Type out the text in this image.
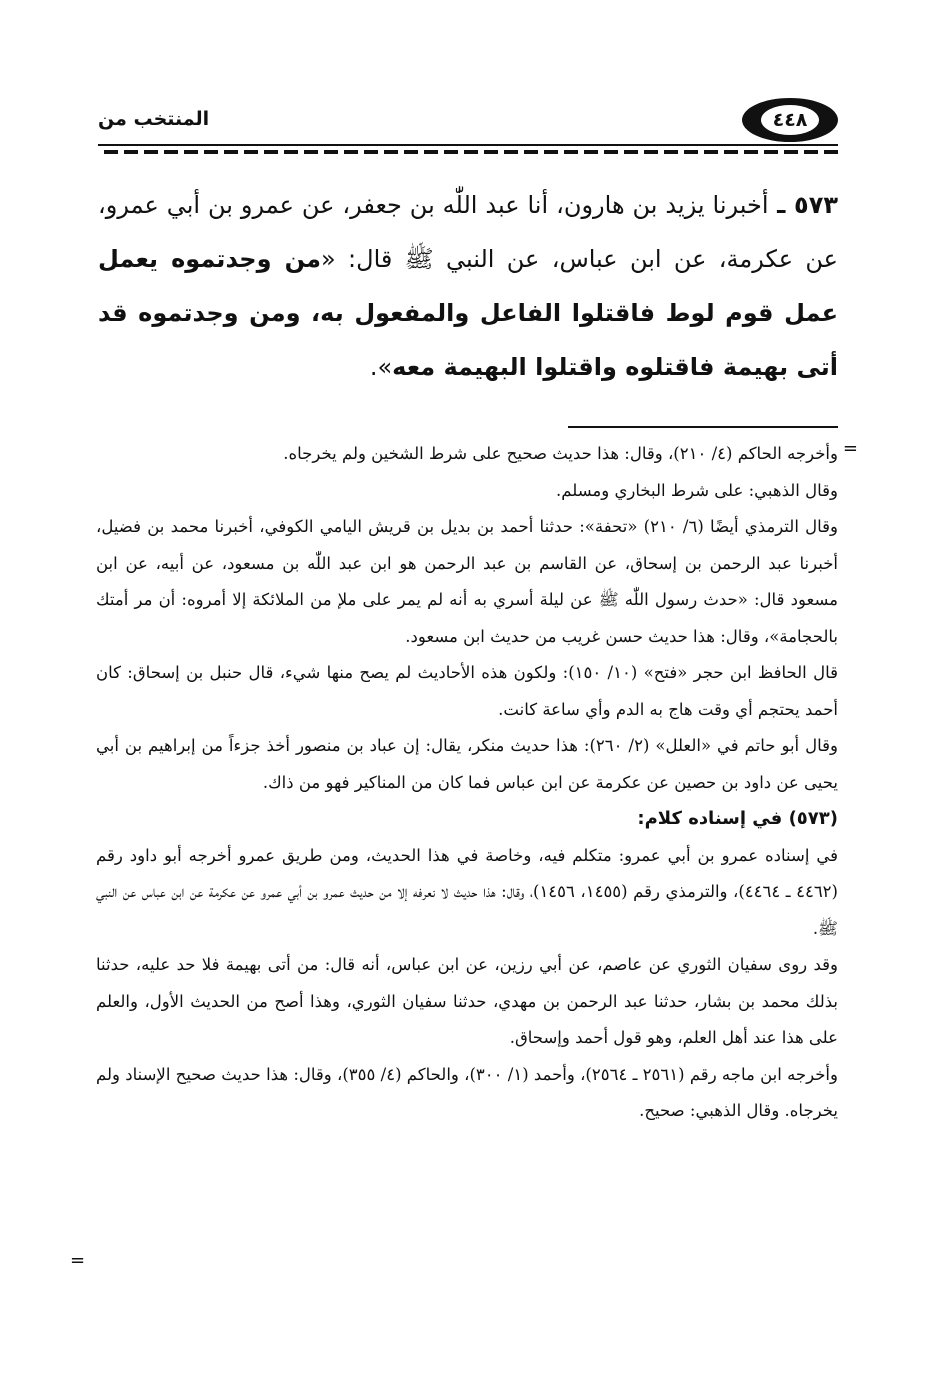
٤٤٨
المنتخب من
٥٧٣ ـ أخبرنا يزيد بن هارون، أنا عبد اللّٰه بن جعفر، عن عمرو بن أبي عمرو، عن عكرمة، عن ابن عباس، عن النبي ﷺ قال: «من وجدتموه يعمل عمل قوم لوط فاقتلوا الفاعل والمفعول به، ومن وجدتموه قد أتى بهيمة فاقتلوه واقتلوا البهيمة معه».
=
=

وأخرجه الحاكم (٤/ ٢١٠)، وقال: هذا حديث صحيح على شرط الشخين ولم يخرجاه.

وقال الذهبي: على شرط البخاري ومسلم.

وقال الترمذي أيضًا (٦/ ٢١٠) «تحفة»: حدثنا أحمد بن بديل بن قريش اليامي الكوفي، أخبرنا محمد بن فضيل، أخبرنا عبد الرحمن بن إسحاق، عن القاسم بن عبد الرحمن هو ابن عبد اللّٰه بن مسعود، عن أبيه، عن ابن مسعود قال: «حدث رسول اللّٰه ﷺ عن ليلة أسري به أنه لم يمر على ملإ من الملائكة إلا أمروه: أن مر أمتك بالحجامة»، وقال: هذا حديث حسن غريب من حديث ابن مسعود.

قال الحافظ ابن حجر «فتح» (١٠/ ١٥٠): ولكون هذه الأحاديث لم يصح منها شيء، قال حنبل بن إسحاق: كان أحمد يحتجم أي وقت هاج به الدم وأي ساعة كانت.

وقال أبو حاتم في «العلل» (٢/ ٢٦٠): هذا حديث منكر، يقال: إن عباد بن منصور أخذ جزءاً من إبراهيم بن أبي يحيى عن داود بن حصين عن عكرمة عن ابن عباس فما كان من المناكير فهو من ذاك.

(٥٧٣) في إسناده كلام:

في إسناده عمرو بن أبي عمرو: متكلم فيه، وخاصة في هذا الحديث، ومن طريق عمرو أخرجه أبو داود رقم (٤٤٦٢ ـ ٤٤٦٤)، والترمذي رقم (١٤٥٥، ١٤٥٦)، وقال: هذا حديث لا نعرفه إلا من حديث عمرو بن أبي عمرو عن عكرمة عن ابن عباس عن النبي ﷺ.

وقد روى سفيان الثوري عن عاصم، عن أبي رزين، عن ابن عباس، أنه قال: من أتى بهيمة فلا حد عليه، حدثنا بذلك محمد بن بشار، حدثنا عبد الرحمن بن مهدي، حدثنا سفيان الثوري، وهذا أصح من الحديث الأول، والعلم على هذا عند أهل العلم، وهو قول أحمد وإسحاق.

وأخرجه ابن ماجه رقم (٢٥٦١ ـ ٢٥٦٤)، وأحمد (١/ ٣٠٠)، والحاكم (٤/ ٣٥٥)، وقال: هذا حديث صحيح الإسناد ولم يخرجاه. وقال الذهبي: صحيح.
